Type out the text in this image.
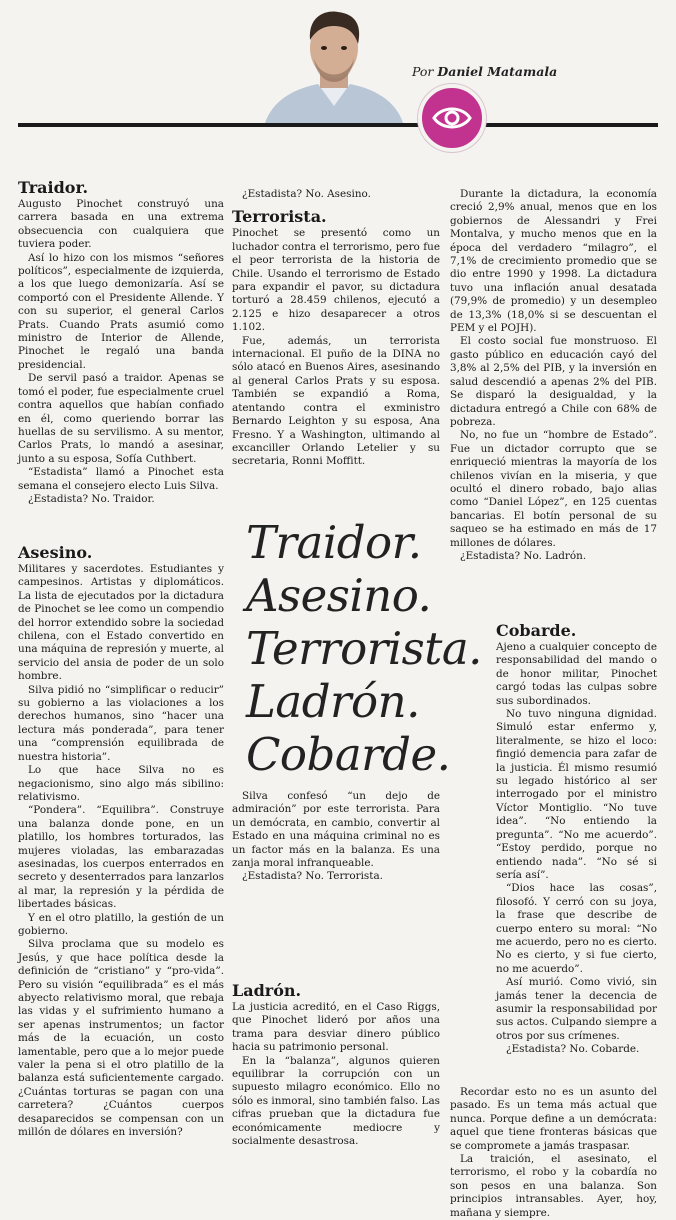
Por Daniel Matamala

Traidor.

Augusto Pinochet construyó una carrera basada en una extrema obsecuencia con cualquiera que tuviera poder.

Así lo hizo con los mismos “señores políticos”, especialmente de izquierda, a los que luego demonizaría. Así se comportó con el Presidente Allende. Y con su superior, el general Carlos Prats. Cuando Prats asumió como ministro de Interior de Allende, Pinochet le regaló una banda presidencial.

De servil pasó a traidor. Apenas se tomó el poder, fue especialmente cruel contra aquellos que habían confiado en él, como queriendo borrar las huellas de su servilismo. A su mentor, Carlos Prats, lo mandó a asesinar, junto a su esposa, Sofía Cuthbert.

“Estadista” llamó a Pinochet esta semana el consejero electo Luis Silva.

¿Estadista? No. Traidor.

Asesino.

Militares y sacerdotes. Estudiantes y campesinos. Artistas y diplomáticos. La lista de ejecutados por la dictadura de Pinochet se lee como un compendio del horror extendido sobre la sociedad chilena, con el Estado convertido en una máquina de represión y muerte, al servicio del ansia de poder de un solo hombre.

Silva pidió no “simplificar o reducir” su gobierno a las violaciones a los derechos humanos, sino “hacer una lectura más ponderada”, para tener una “comprensión equilibrada de nuestra historia”.

Lo que hace Silva no es negacionismo, sino algo más sibilino: relativismo.

“Pondera”. “Equilibra”. Construye una balanza donde pone, en un platillo, los hombres torturados, las mujeres violadas, las embarazadas asesinadas, los cuerpos enterrados en secreto y desenterrados para lanzarlos al mar, la represión y la pérdida de libertades básicas.

Y en el otro platillo, la gestión de un gobierno.

Silva proclama que su modelo es Jesús, y que hace política desde la definición de “cristiano” y “pro-vida”. Pero su visión “equilibrada” es el más abyecto relativismo moral, que rebaja las vidas y el sufrimiento humano a ser apenas instrumentos; un factor más de la ecuación, un costo lamentable, pero que a lo mejor puede valer la pena si el otro platillo de la balanza está suficientemente cargado. ¿Cuántas torturas se pagan con una carretera? ¿Cuántos cuerpos desaparecidos se compensan con un millón de dólares en inversión?

¿Estadista? No. Asesino.

Terrorista.

Pinochet se presentó como un luchador contra el terrorismo, pero fue el peor terrorista de la historia de Chile. Usando el terrorismo de Estado para expandir el pavor, su dictadura torturó a 28.459 chilenos, ejecutó a 2.125 e hizo desaparecer a otros 1.102.

Fue, además, un terrorista internacional. El puño de la DINA no sólo atacó en Buenos Aires, asesinando al general Carlos Prats y su esposa. También se expandió a Roma, atentando contra el exministro Bernardo Leighton y su esposa, Ana Fresno. Y a Washington, ultimando al excanciller Orlando Letelier y su secretaria, Ronni Moffitt.

Traidor.
Asesino.
Terrorista.
Ladrón.
Cobarde.

Silva confesó “un dejo de admiración” por este terrorista. Para un demócrata, en cambio, convertir al Estado en una máquina criminal no es un factor más en la balanza. Es una zanja moral infranqueable.

¿Estadista? No. Terrorista.

Ladrón.

La justicia acreditó, en el Caso Riggs, que Pinochet lideró por años una trama para desviar dinero público hacia su patrimonio personal.

En la “balanza”, algunos quieren equilibrar la corrupción con un supuesto milagro económico. Ello no sólo es inmoral, sino también falso. Las cifras prueban que la dictadura fue económicamente mediocre y socialmente desastrosa.

Durante la dictadura, la economía creció 2,9% anual, menos que en los gobiernos de Alessandri y Frei Montalva, y mucho menos que en la época del verdadero “milagro”, el 7,1% de crecimiento promedio que se dio entre 1990 y 1998. La dictadura tuvo una inflación anual desatada (79,9% de promedio) y un desempleo de 13,3% (18,0% si se descuentan el PEM y el POJH).

El costo social fue monstruoso. El gasto público en educación cayó del 3,8% al 2,5% del PIB, y la inversión en salud descendió a apenas 2% del PIB. Se disparó la desigualdad, y la dictadura entregó a Chile con 68% de pobreza.

No, no fue un “hombre de Estado”. Fue un dictador corrupto que se enriqueció mientras la mayoría de los chilenos vivían en la miseria, y que ocultó el dinero robado, bajo alias como “Daniel López”, en 125 cuentas bancarias. El botín personal de su saqueo se ha estimado en más de 17 millones de dólares.

¿Estadista? No. Ladrón.

Cobarde.

Ajeno a cualquier concepto de responsabilidad del mando o de honor militar, Pinochet cargó todas las culpas sobre sus subordinados.

No tuvo ninguna dignidad. Simuló estar enfermo y, literalmente, se hizo el loco: fingió demencia para zafar de la justicia. Él mismo resumió su legado histórico al ser interrogado por el ministro Víctor Montiglio. “No tuve idea”. “No entiendo la pregunta”. “No me acuerdo”. “Estoy perdido, porque no entiendo nada”. “No sé si sería así”.

“Dios hace las cosas”, filosofó. Y cerró con su joya, la frase que describe de cuerpo entero su moral: “No me acuerdo, pero no es cierto. No es cierto, y si fue cierto, no me acuerdo”.

Así murió. Como vivió, sin jamás tener la decencia de asumir la responsabilidad por sus actos. Culpando siempre a otros por sus crímenes.

¿Estadista? No. Cobarde.

Recordar esto no es un asunto del pasado. Es un tema más actual que nunca. Porque define a un demócrata: aquel que tiene fronteras básicas que se compromete a jamás traspasar.

La traición, el asesinato, el terrorismo, el robo y la cobardía no son pesos en una balanza. Son principios intransables. Ayer, hoy, mañana y siempre.
